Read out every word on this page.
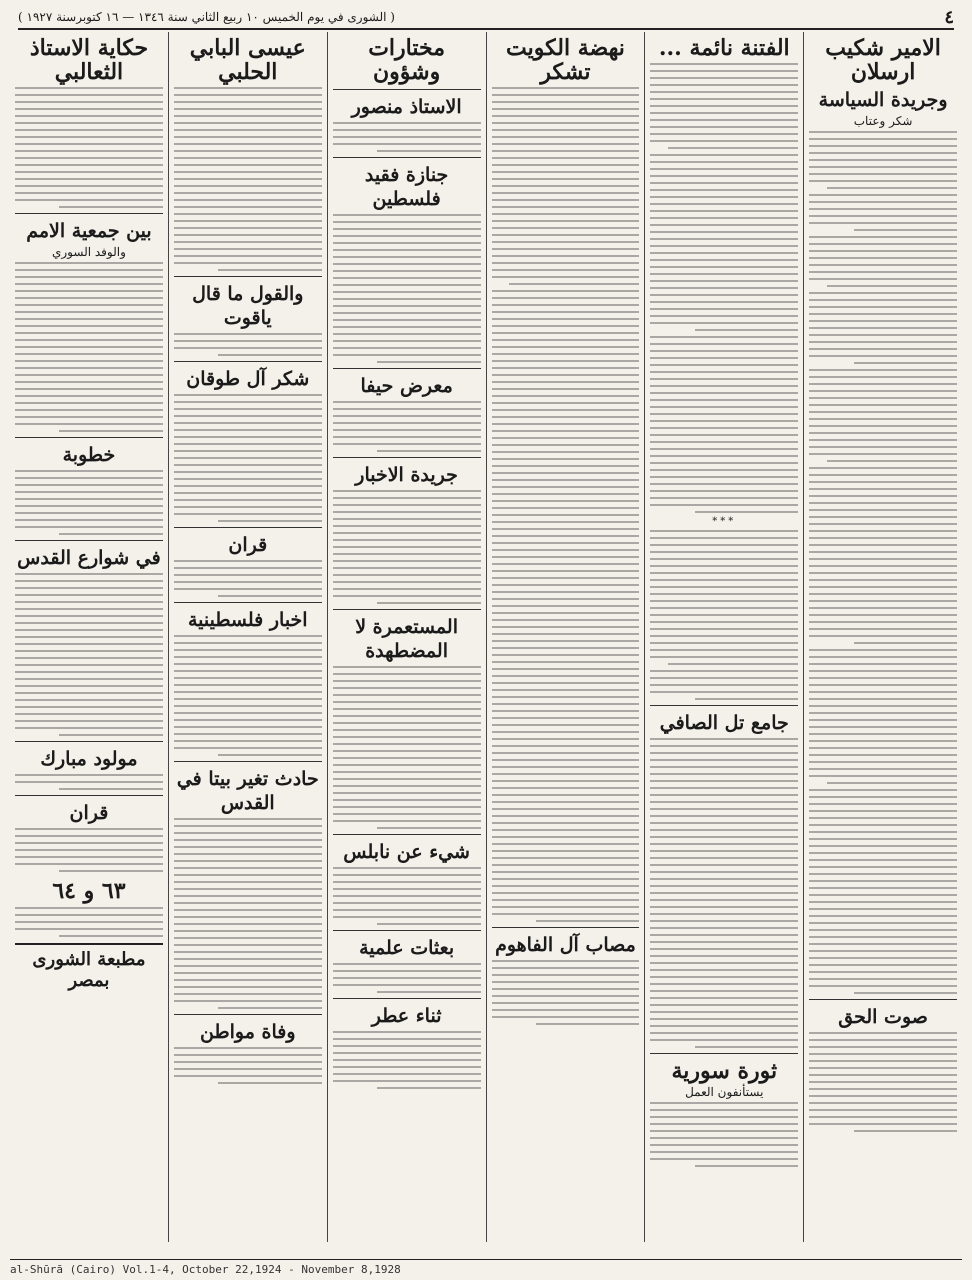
٤
( الشورى في يوم الخميس ١٠ ربيع الثاني سنة ١٣٤٦ — ١٦ كتوبرسنة ١٩٢٧ )
الامير شكيب ارسلان
وجريدة السياسة
شكر وعتاب
صوت الحق
الفتنة نائمة ...
***
جامع تل الصافي
ثورة سورية
يستأنفون العمل
نهضة الكويت تشكر
مصاب آل الفاهوم
مختارات وشؤون
الاستاذ منصور
جنازة فقيد فلسطين
معرض حيفا
جريدة الاخبار
المستعمرة لا المضطهدة
شيء عن نابلس
بعثات علمية
ثناء عطر
عيسى البابي الحلبي
والقول ما قال ياقوت
شكر آل طوقان
قران
اخبار فلسطينية
حادث تغير بيتا في القدس
وفاة مواطن
حكاية الاستاذ الثعالبي
بين جمعية الامم
والوفد السوري
خطوبة
في شوارع القدس
مولود مبارك
قران
٦٣ و ٦٤
مطبعة الشورى بمصر
al-Shūrā (Cairo) Vol.1-4, October 22,1924 - November 8,1928
